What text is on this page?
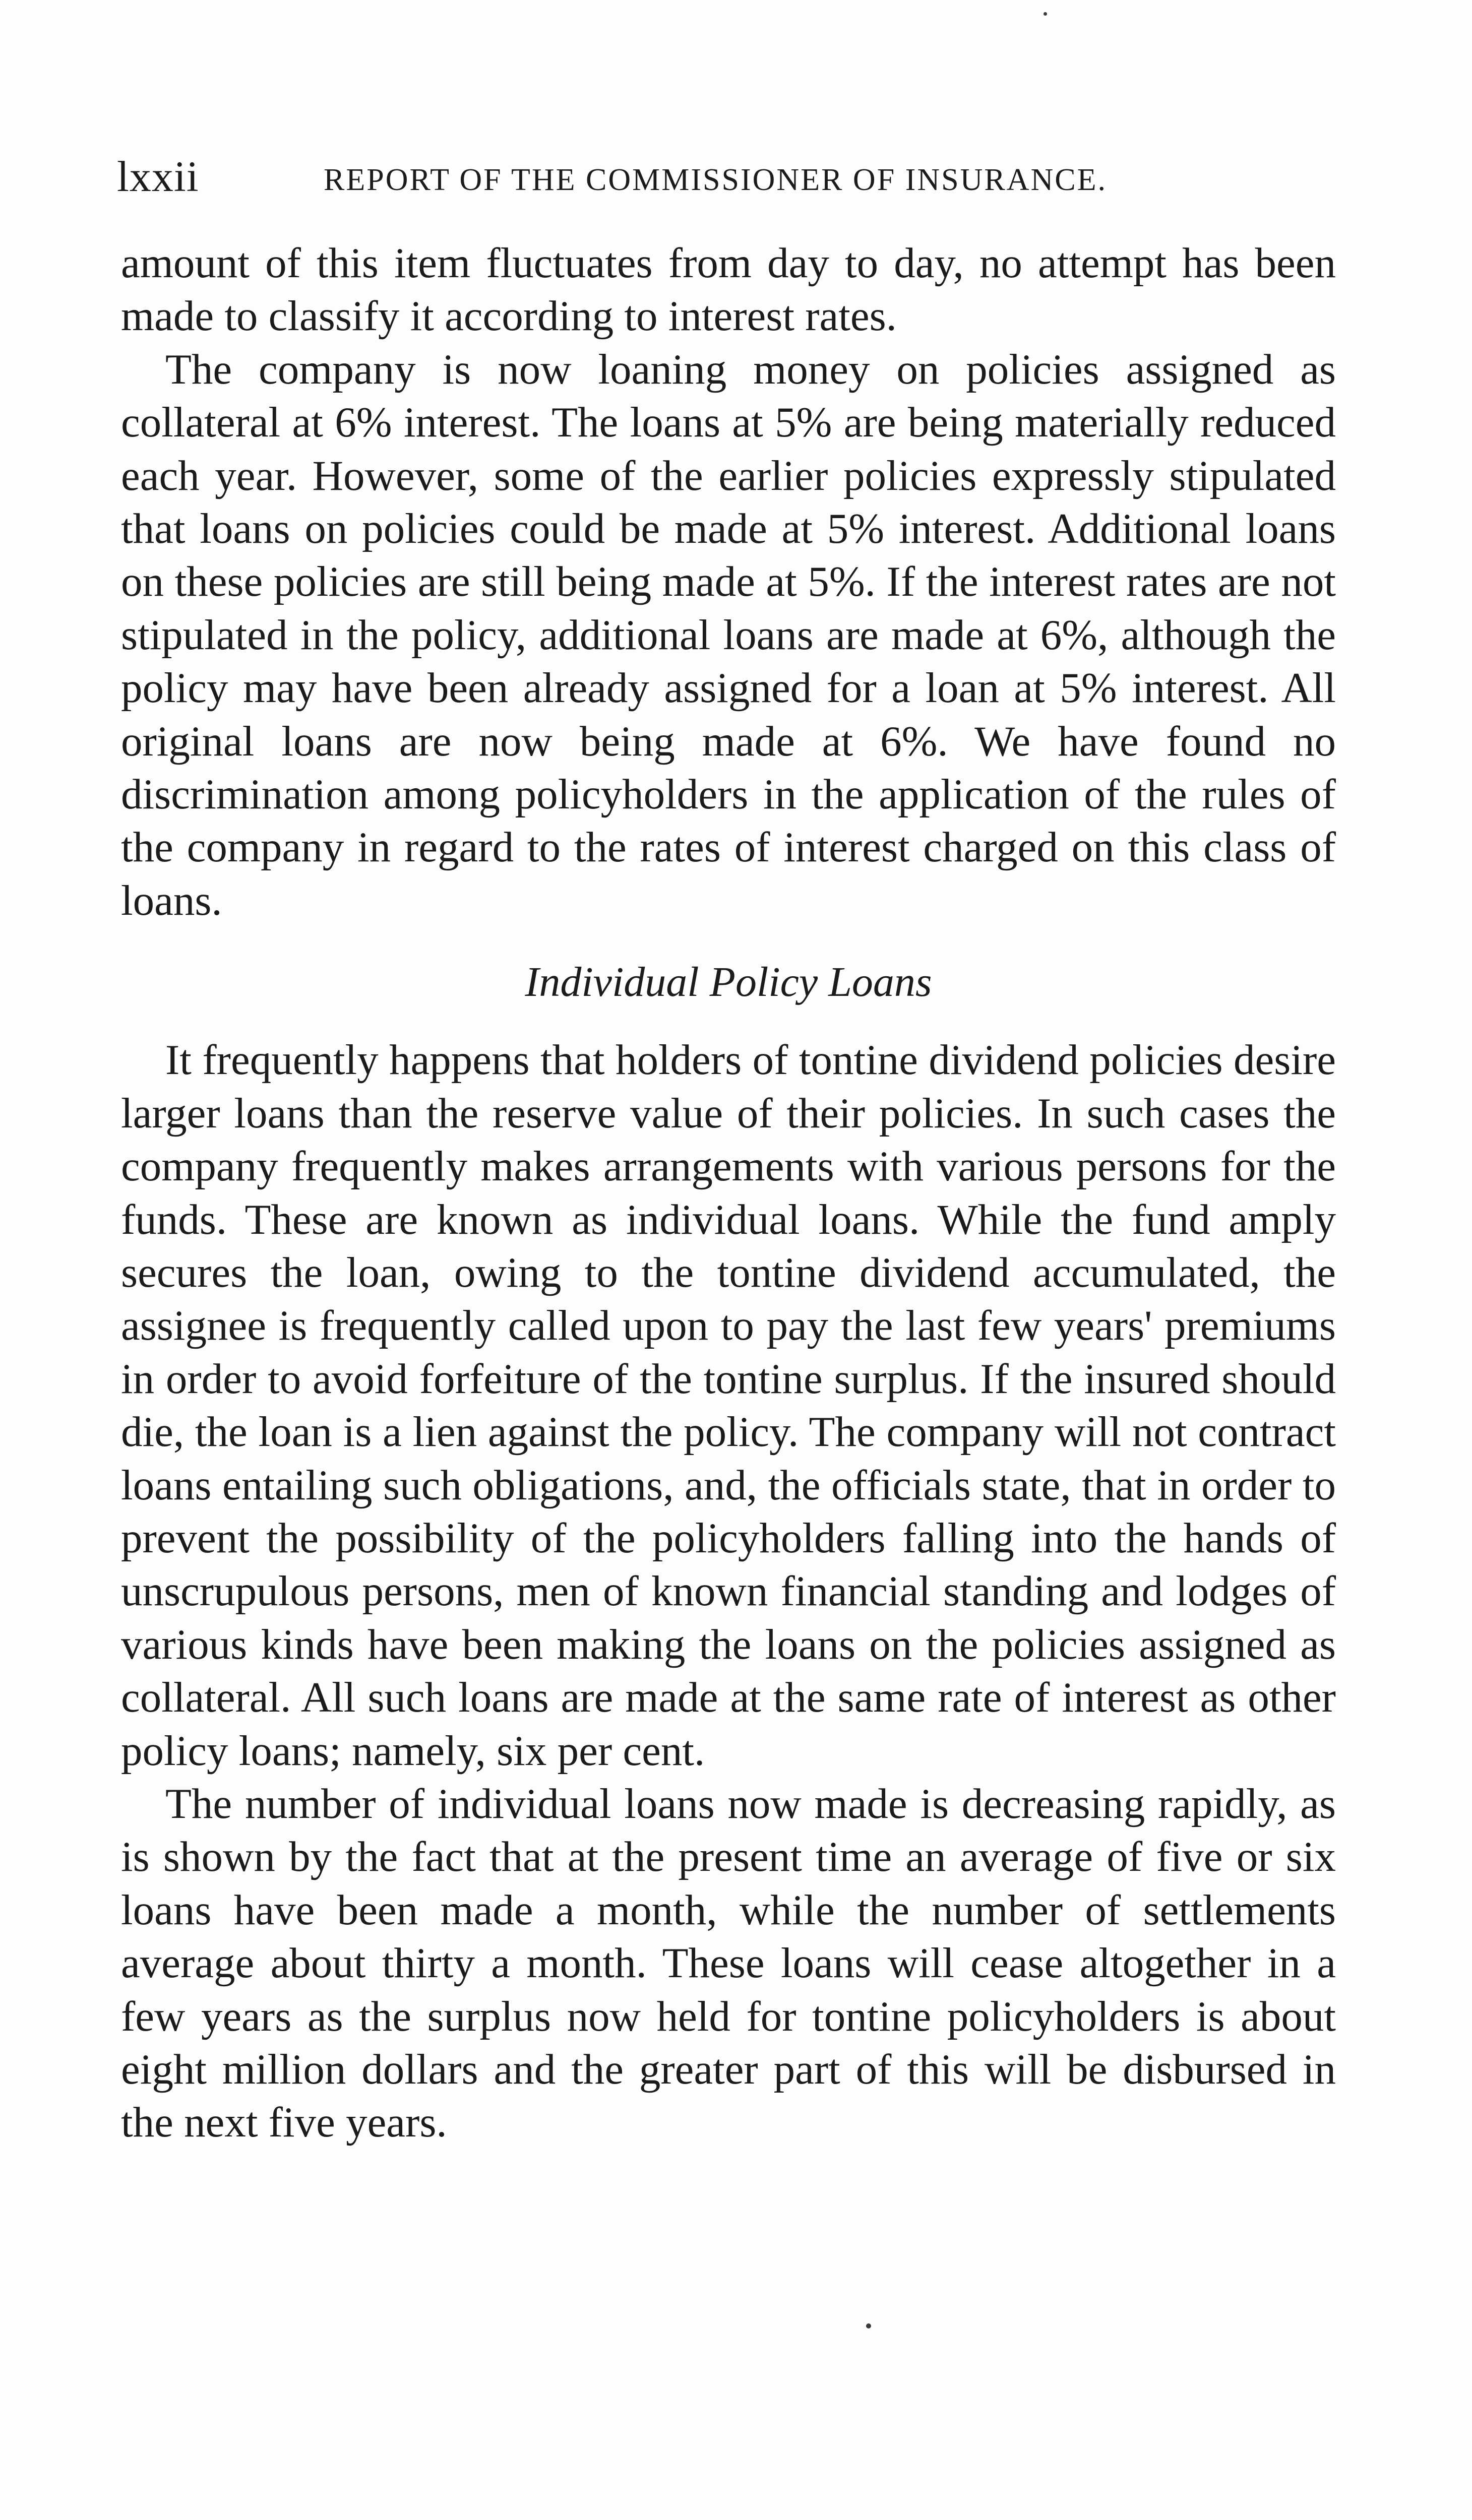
lxxii	REPORT OF THE COMMISSIONER OF INSURANCE.

amount of this item fluctuates from day to day, no attempt has been made to classify it according to interest rates.

The company is now loaning money on policies assigned as collateral at 6% interest. The loans at 5% are being materially reduced each year. However, some of the earlier policies expressly stipulated that loans on policies could be made at 5% interest. Additional loans on these policies are still being made at 5%. If the interest rates are not stipulated in the policy, additional loans are made at 6%, although the policy may have been already assigned for a loan at 5% interest. All original loans are now being made at 6%. We have found no discrimination among policyholders in the application of the rules of the company in regard to the rates of interest charged on this class of loans.

Individual Policy Loans

It frequently happens that holders of tontine dividend policies desire larger loans than the reserve value of their policies. In such cases the company frequently makes arrangements with various persons for the funds. These are known as individual loans. While the fund amply secures the loan, owing to the tontine dividend accumulated, the assignee is frequently called upon to pay the last few years' premiums in order to avoid forfeiture of the tontine surplus. If the insured should die, the loan is a lien against the policy. The company will not contract loans entailing such obligations, and, the officials state, that in order to prevent the possibility of the policyholders falling into the hands of unscrupulous persons, men of known financial standing and lodges of various kinds have been making the loans on the policies assigned as collateral. All such loans are made at the same rate of interest as other policy loans; namely, six per cent.

The number of individual loans now made is decreasing rapidly, as is shown by the fact that at the present time an average of five or six loans have been made a month, while the number of settlements average about thirty a month. These loans will cease altogether in a few years as the surplus now held for tontine policyholders is about eight million dollars and the greater part of this will be disbursed in the next five years.
